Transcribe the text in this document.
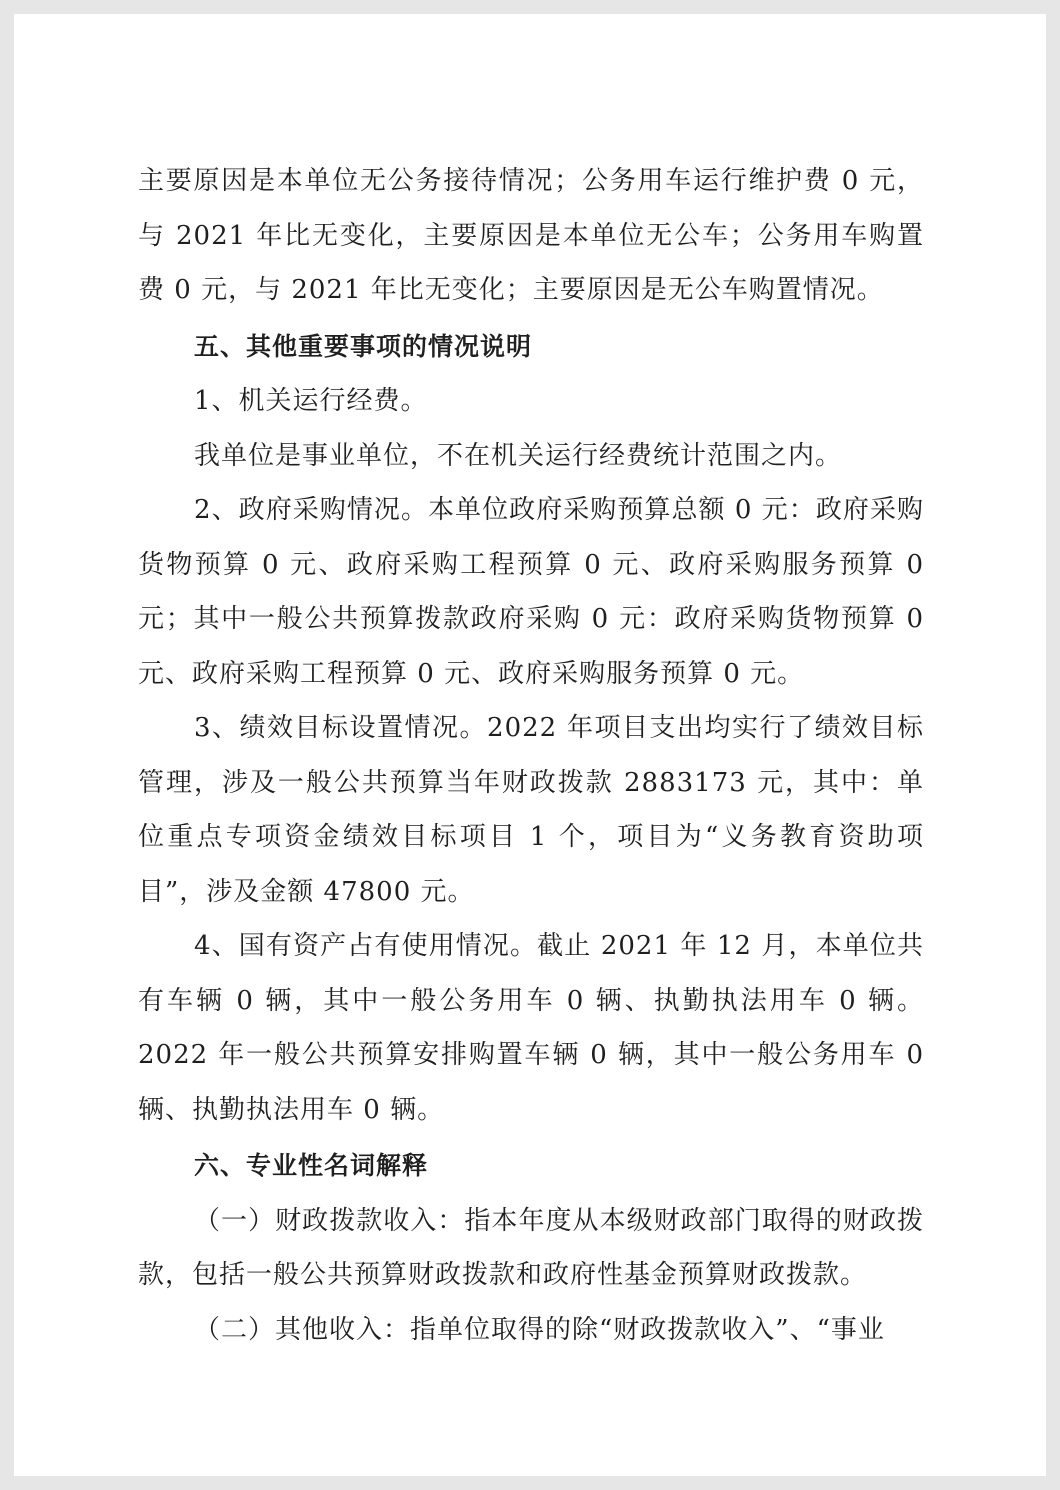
主要原因是本单位无公务接待情况；公务用车运行维护费 0 元，与 2021 年比无变化，主要原因是本单位无公车；公务用车购置费 0 元，与 2021 年比无变化；主要原因是无公车购置情况。

五、其他重要事项的情况说明

1、机关运行经费。

我单位是事业单位，不在机关运行经费统计范围之内。

2、政府采购情况。本单位政府采购预算总额 0 元：政府采购货物预算 0 元、政府采购工程预算 0 元、政府采购服务预算 0 元；其中一般公共预算拨款政府采购 0 元：政府采购货物预算 0 元、政府采购工程预算 0 元、政府采购服务预算 0 元。

3、绩效目标设置情况。2022 年项目支出均实行了绩效目标管理，涉及一般公共预算当年财政拨款 2883173 元，其中：单位重点专项资金绩效目标项目 1 个，项目为“义务教育资助项目”，涉及金额 47800 元。

4、国有资产占有使用情况。截止 2021 年 12 月，本单位共有车辆 0 辆，其中一般公务用车 0 辆、执勤执法用车 0 辆。2022 年一般公共预算安排购置车辆 0 辆，其中一般公务用车 0 辆、执勤执法用车 0 辆。

六、专业性名词解释

（一）财政拨款收入：指本年度从本级财政部门取得的财政拨款，包括一般公共预算财政拨款和政府性基金预算财政拨款。

（二）其他收入：指单位取得的除“财政拨款收入”、“事业
